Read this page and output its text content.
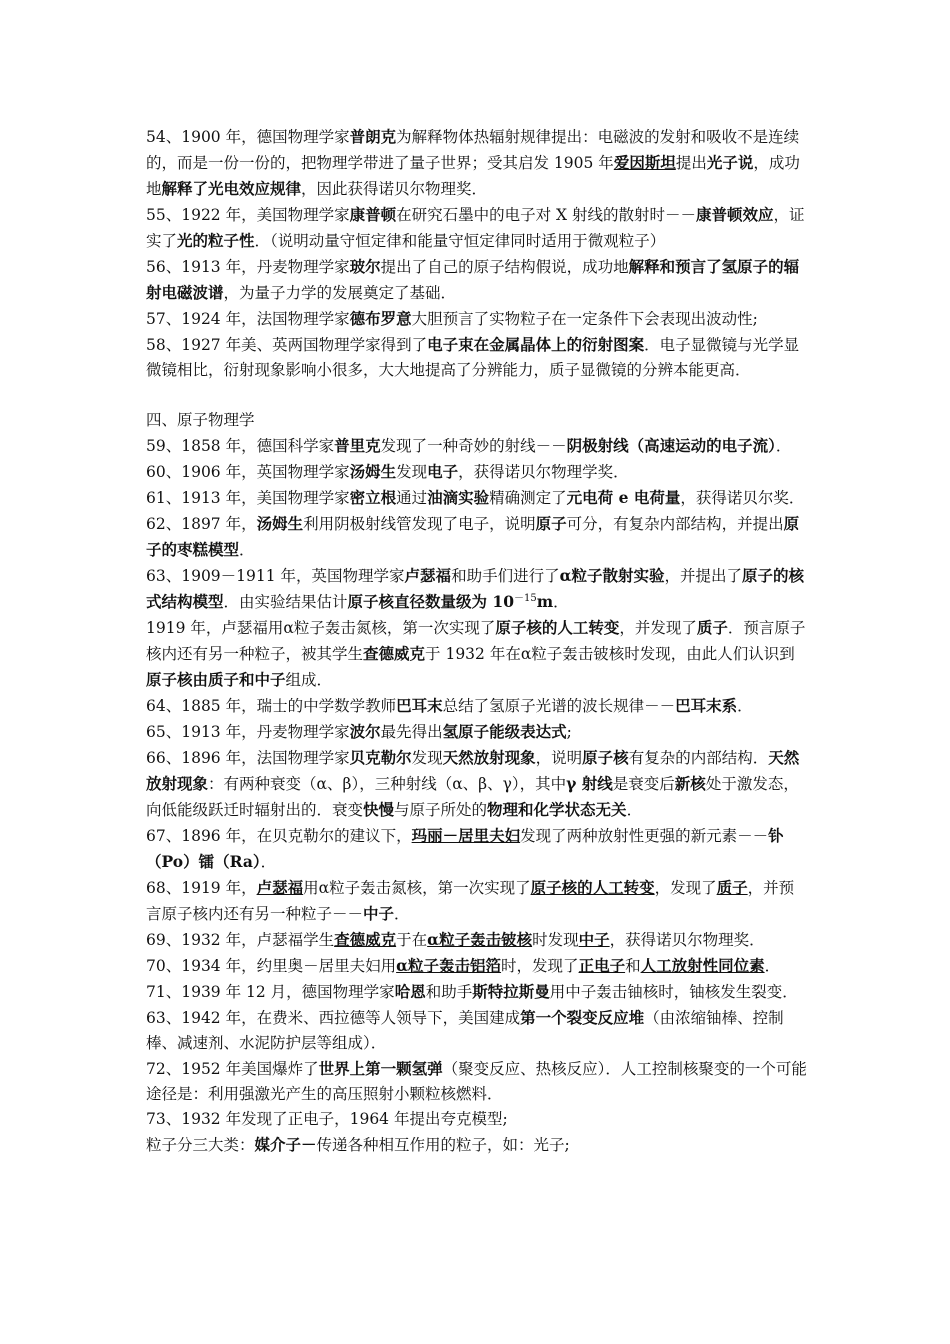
54、1900 年，德国物理学家普朗克为解释物体热辐射规律提出：电磁波的发射和吸收不是连续的，而是一份一份的，把物理学带进了量子世界；受其启发 1905 年爱因斯坦提出光子说，成功地解释了光电效应规律，因此获得诺贝尔物理奖．

55、1922 年，美国物理学家康普顿在研究石墨中的电子对 X 射线的散射时－－康普顿效应，证实了光的粒子性．（说明动量守恒定律和能量守恒定律同时适用于微观粒子）

56、1913 年，丹麦物理学家玻尔提出了自己的原子结构假说，成功地解释和预言了氢原子的辐射电磁波谱，为量子力学的发展奠定了基础．

57、1924 年，法国物理学家德布罗意大胆预言了实物粒子在一定条件下会表现出波动性;

58、1927 年美、英两国物理学家得到了电子束在金属晶体上的衍射图案．电子显微镜与光学显微镜相比，衍射现象影响小很多，大大地提高了分辨能力，质子显微镜的分辨本能更高．

四、原子物理学

59、1858 年，德国科学家普里克发现了一种奇妙的射线－－阴极射线（高速运动的电子流）．

60、1906 年，英国物理学家汤姆生发现电子，获得诺贝尔物理学奖．

61、1913 年，美国物理学家密立根通过油滴实验精确测定了元电荷 e 电荷量，获得诺贝尔奖．

62、1897 年，汤姆生利用阴极射线管发现了电子，说明原子可分，有复杂内部结构，并提出原子的枣糕模型．

63、1909－1911 年，英国物理学家卢瑟福和助手们进行了α粒子散射实验，并提出了原子的核式结构模型．由实验结果估计原子核直径数量级为 $10^{-15}m$．

1919 年，卢瑟福用α粒子轰击氮核，第一次实现了原子核的人工转变，并发现了质子．预言原子核内还有另一种粒子，被其学生查德威克于 1932 年在α粒子轰击铍核时发现，由此人们认识到原子核由质子和中子组成．

64、1885 年，瑞士的中学数学教师巴耳末总结了氢原子光谱的波长规律－－巴耳末系．

65、1913 年，丹麦物理学家波尔最先得出氢原子能级表达式;

66、1896 年，法国物理学家贝克勒尔发现天然放射现象，说明原子核有复杂的内部结构．天然放射现象：有两种衰变（α、β），三种射线（α、β、γ），其中γ 射线是衰变后新核处于激发态，向低能级跃迁时辐射出的．衰变快慢与原子所处的物理和化学状态无关．

67、1896 年，在贝克勒尔的建议下，玛丽－居里夫妇发现了两种放射性更强的新元素－－钋（Po）镭（Ra）．

68、1919 年，卢瑟福用α粒子轰击氮核，第一次实现了原子核的人工转变，发现了质子，并预言原子核内还有另一种粒子－－中子．

69、1932 年，卢瑟福学生查德威克于在α粒子轰击铍核时发现中子，获得诺贝尔物理奖．

70、1934 年，约里奥－居里夫妇用α粒子轰击铝箔时，发现了正电子和人工放射性同位素．

71、1939 年 12 月，德国物理学家哈恩和助手斯特拉斯曼用中子轰击铀核时，铀核发生裂变．63、1942 年，在费米、西拉德等人领导下，美国建成第一个裂变反应堆（由浓缩铀棒、控制棒、减速剂、水泥防护层等组成）．

72、1952 年美国爆炸了世界上第一颗氢弹（聚变反应、热核反应）．人工控制核聚变的一个可能途径是：利用强激光产生的高压照射小颗粒核燃料．

73、1932 年发现了正电子，1964 年提出夸克模型;

粒子分三大类：媒介子－传递各种相互作用的粒子，如：光子;
